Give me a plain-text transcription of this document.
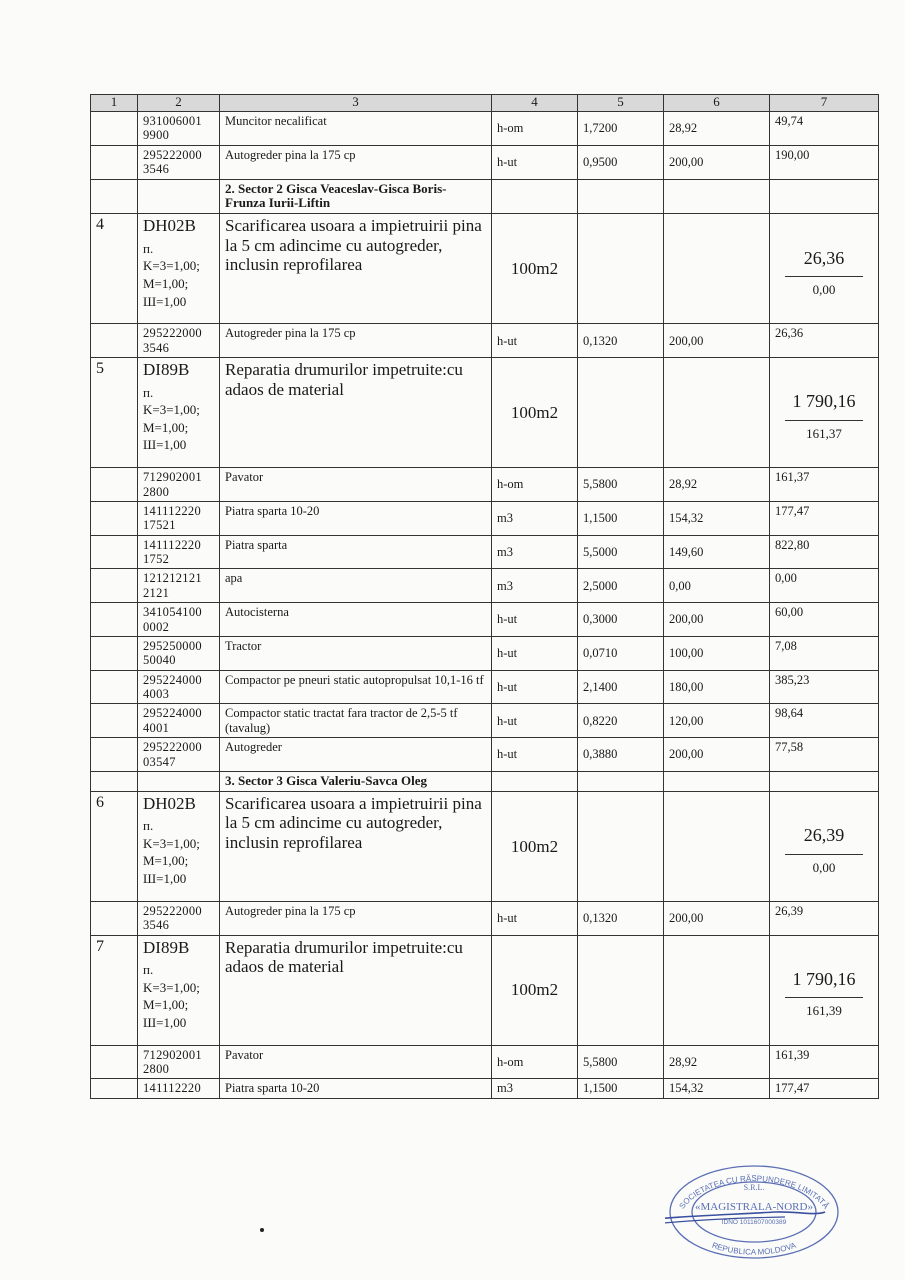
1	2	3	4	5	6	7
	931006001 9900	Muncitor necalificat	h-om	1,7200	28,92	49,74
	295222000 3546	Autogreder pina la 175 cp	h-ut	0,9500	200,00	190,00
		2. Sector 2 Gisca Veaceslav-Gisca Boris-Frunza Iurii-Liftin				
4	DH02B
п.
K=3=1,00;
M=1,00;
Ш=1,00	Scarificarea usoara a impietruirii pina la 5 cm adincime cu autogreder, inclusin reprofilarea	100m2			26,36
0,00

	295222000 3546	Autogreder pina la 175 cp	h-ut	0,1320	200,00	26,36
5	DI89B
п.
K=3=1,00;
M=1,00;
Ш=1,00	Reparatia drumurilor impetruite:cu adaos de material	100m2			1 790,16
161,37

	712902001 2800	Pavator	h-om	5,5800	28,92	161,37
	141112220 17521	Piatra sparta 10-20	m3	1,1500	154,32	177,47
	141112220 1752	Piatra sparta	m3	5,5000	149,60	822,80
	121212121 2121	apa	m3	2,5000	0,00	0,00
	341054100 0002	Autocisterna	h-ut	0,3000	200,00	60,00
	295250000 50040	Tractor	h-ut	0,0710	100,00	7,08
	295224000 4003	Compactor pe pneuri static autopropulsat 10,1-16 tf	h-ut	2,1400	180,00	385,23
	295224000 4001	Compactor static tractat fara tractor de 2,5-5 tf (tavalug)	h-ut	0,8220	120,00	98,64
	295222000 03547	Autogreder	h-ut	0,3880	200,00	77,58
		3. Sector 3 Gisca Valeriu-Savca Oleg				
6	DH02B
п.
K=3=1,00;
M=1,00;
Ш=1,00	Scarificarea usoara a impietruirii pina la 5 cm adincime cu autogreder, inclusin reprofilarea	100m2			26,39
0,00

	295222000 3546	Autogreder pina la 175 cp	h-ut	0,1320	200,00	26,39
7	DI89B
п.
K=3=1,00;
M=1,00;
Ш=1,00	Reparatia drumurilor impetruite:cu adaos de material	100m2			1 790,16
161,39

	712902001 2800	Pavator	h-om	5,5800	28,92	161,39
	141112220	Piatra sparta 10-20	m3	1,1500	154,32	177,47
SOCIETATEA CU RĂSPUNDERE LIMITATĂ
REPUBLICA MOLDOVA
S.R.L.
«MAGISTRALA-NORD»
IDNO 1011607000389
